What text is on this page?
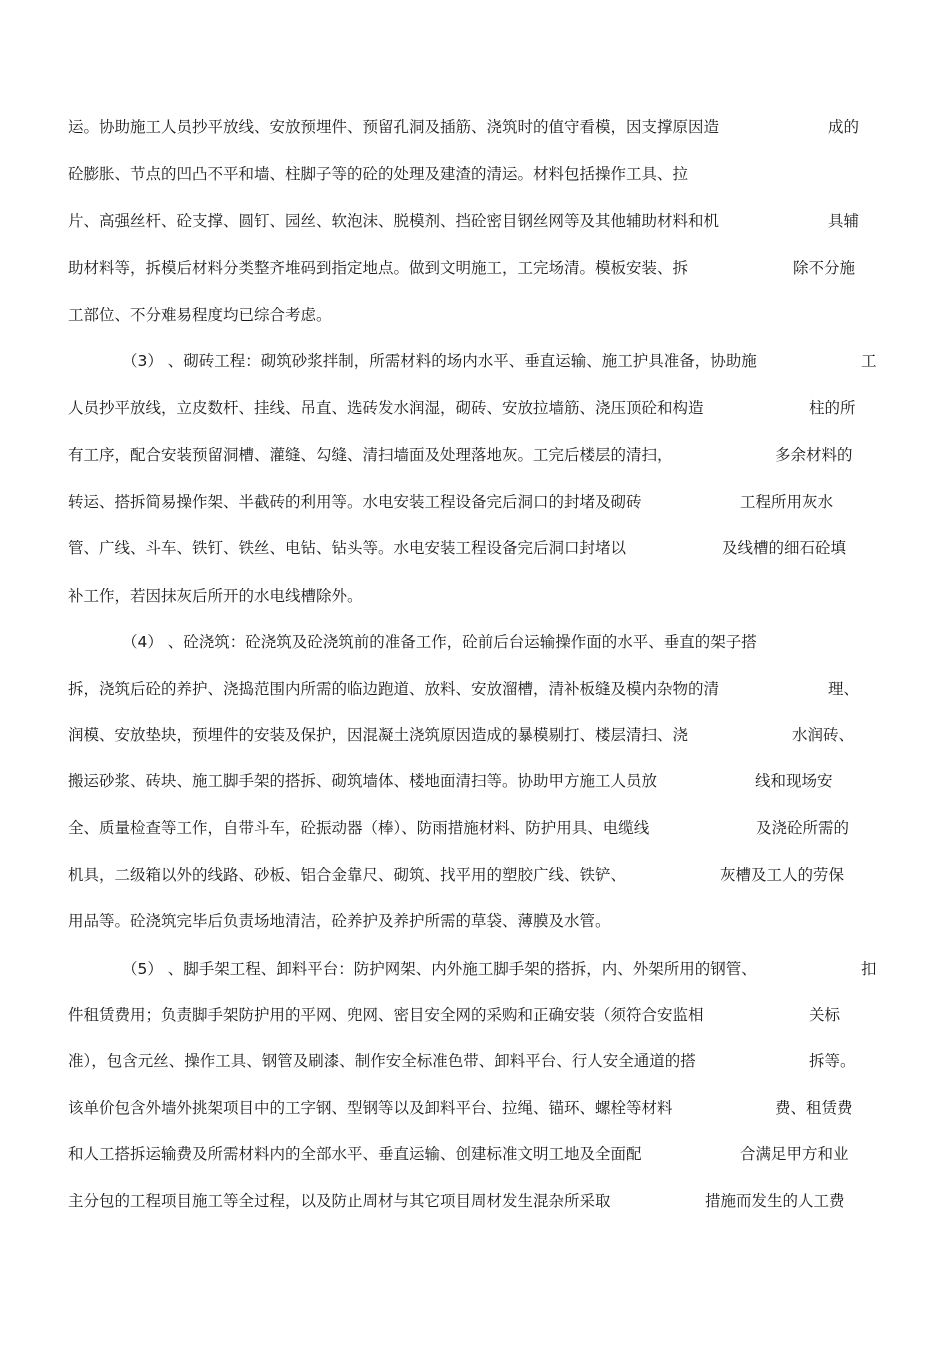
运。协助施工人员抄平放线、安放预埋件、预留孔洞及插筋、浇筑时的值守看模，因支撑原因造	成的
砼膨胀、节点的凹凸不平和墙、柱脚子等的砼的处理及建渣的清运。材料包括操作工具、拉
片、高强丝杆、砼支撑、圆钉、园丝、软泡沫、脱模剂、挡砼密目钢丝网等及其他辅助材料和机	具辅
助材料等，拆模后材料分类整齐堆码到指定地点。做到文明施工，工完场清。模板安装、拆	除不分施
工部位、不分难易程度均已综合考虑。
（3） 、砌砖工程：砌筑砂浆拌制，所需材料的场内水平、垂直运输、施工护具准备，协助施	工
人员抄平放线，立皮数杆、挂线、吊直、选砖发水润湿，砌砖、安放拉墙筋、浇压顶砼和构造	柱的所
有工序，配合安装预留洞槽、灌缝、勾缝、清扫墙面及处理落地灰。工完后楼层的清扫，	多余材料的
转运、搭拆简易操作架、半截砖的利用等。水电安装工程设备完后洞口的封堵及砌砖	工程所用灰水
管、广线、斗车、铁钉、铁丝、电钻、钻头等。水电安装工程设备完后洞口封堵以	及线槽的细石砼填
补工作，若因抹灰后所开的水电线槽除外。
（4） 、砼浇筑：砼浇筑及砼浇筑前的准备工作，砼前后台运输操作面的水平、垂直的架子搭
拆，浇筑后砼的养护、浇捣范围内所需的临边跑道、放料、安放溜槽，清补板缝及模内杂物的清	理、
润模、安放垫块，预埋件的安装及保护，因混凝土浇筑原因造成的暴模剔打、楼层清扫、浇	水润砖、
搬运砂浆、砖块、施工脚手架的搭拆、砌筑墙体、楼地面清扫等。协助甲方施工人员放	线和现场安
全、质量检查等工作，自带斗车，砼振动器（棒）、防雨措施材料、防护用具、电缆线	及浇砼所需的
机具，二级箱以外的线路、砂板、铝合金靠尺、砌筑、找平用的塑胶广线、铁铲、	灰槽及工人的劳保
用品等。砼浇筑完毕后负责场地清洁，砼养护及养护所需的草袋、薄膜及水管。
（5） 、脚手架工程、卸料平台：防护网架、内外施工脚手架的搭拆，内、外架所用的钢管、	扣
件租赁费用；负责脚手架防护用的平网、兜网、密目安全网的采购和正确安装（须符合安监相	关标
准），包含元丝、操作工具、钢管及刷漆、制作安全标准色带、卸料平台、行人安全通道的搭	拆等。
该单价包含外墙外挑架项目中的工字钢、型钢等以及卸料平台、拉绳、锚环、螺栓等材料	费、租赁费
和人工搭拆运输费及所需材料内的全部水平、垂直运输、创建标准文明工地及全面配	合满足甲方和业
主分包的工程项目施工等全过程，以及防止周材与其它项目周材发生混杂所采取	措施而发生的人工费
